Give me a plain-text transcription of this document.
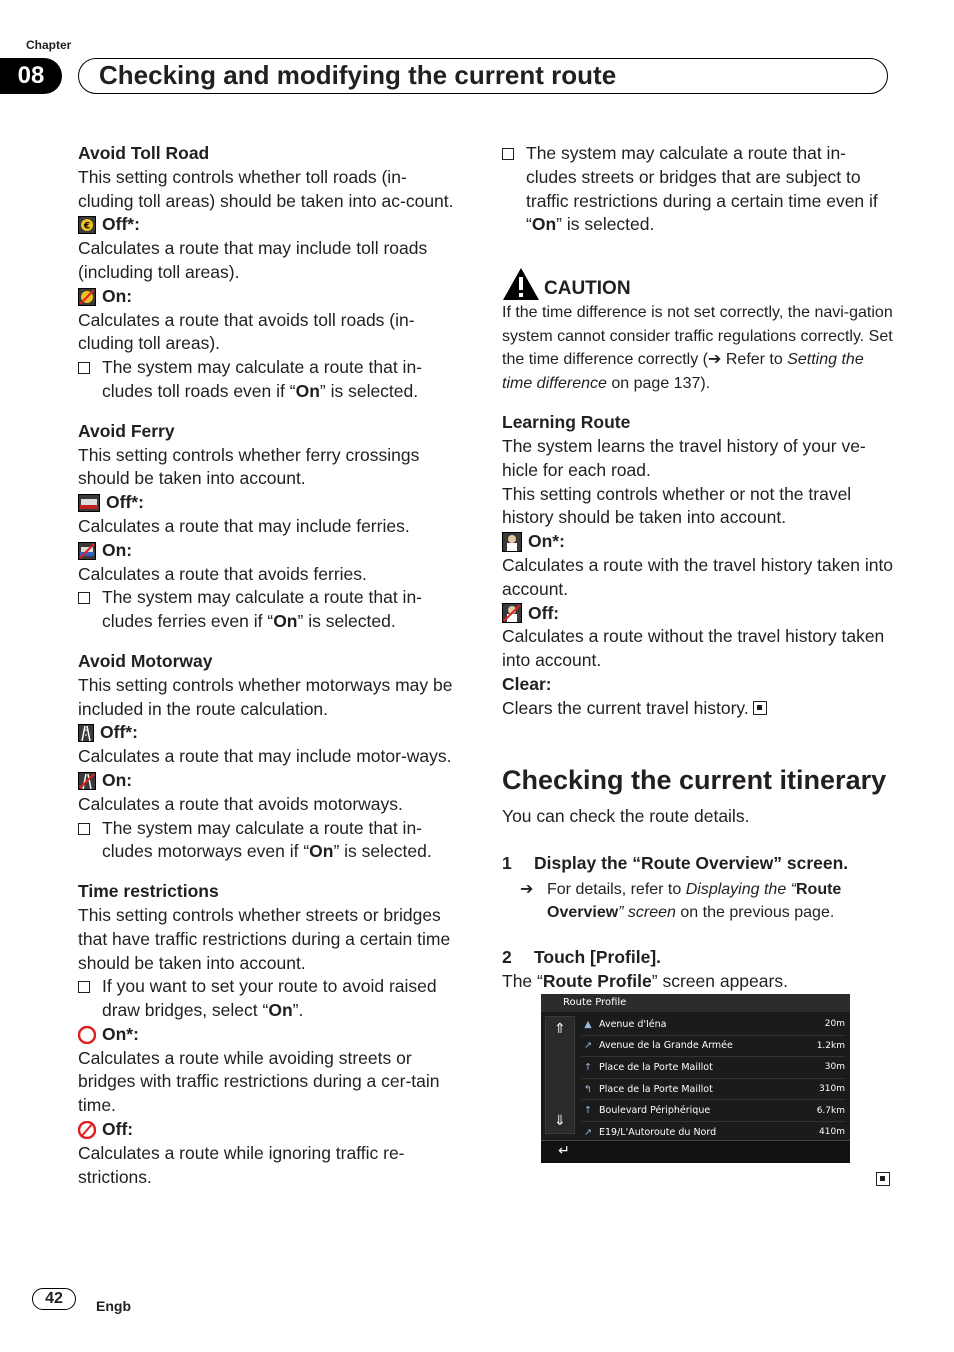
Chapter
08	Checking and modifying the current route
Avoid Toll Road
This setting controls whether toll roads (in-cluding toll areas) should be taken into ac-count.
€ Off*:
Calculates a route that may include toll roads (including toll areas).
On:
Calculates a route that avoids toll roads (in-cluding toll areas).
The system may calculate a route that in-cludes toll roads even if “On” is selected.
Avoid Ferry
This setting controls whether ferry crossings should be taken into account.
Off*:
Calculates a route that may include ferries.
On:
Calculates a route that avoids ferries.
The system may calculate a route that in-cludes ferries even if “On” is selected.
Avoid Motorway
This setting controls whether motorways may be included in the route calculation.
Off*:
Calculates a route that may include motor-ways.
On:
Calculates a route that avoids motorways.
The system may calculate a route that in-cludes motorways even if “On” is selected.
Time restrictions
This setting controls whether streets or bridges that have traffic restrictions during a certain time should be taken into account.
If you want to set your route to avoid raised draw bridges, select “On”.
On*:
Calculates a route while avoiding streets or bridges with traffic restrictions during a cer-tain time.
Off:
Calculates a route while ignoring traffic re-strictions.
The system may calculate a route that in-cludes streets or bridges that are subject to traffic restrictions during a certain time even if “On” is selected.
CAUTION
If the time difference is not set correctly, the navi-gation system cannot consider traffic regulations correctly. Set the time difference correctly (➔ Refer to Setting the time difference on page 137).
Learning Route
The system learns the travel history of your ve-hicle for each road.
This setting controls whether or not the travel history should be taken into account.
On*:
Calculates a route with the travel history taken into account.
Off:
Calculates a route without the travel history taken into account.
Clear:
Clears the current travel history.
Checking the current itinerary
You can check the route details.
1 Display the “Route Overview” screen.
➔ For details, refer to Displaying the “Route Overview” screen on the previous page.
2 Touch [Profile].
The “Route Profile” screen appears.
Route Profile
⇑
⇓
▲ Avenue d'Iéna	20m
↗ Avenue de la Grande Armée	1.2km
↑ Place de la Porte Maillot	30m
↰ Place de la Porte Maillot	310m
↑ Boulevard Périphérique	6.7km
↗ E19/L'Autoroute du Nord	410m
↵
42	Engb
